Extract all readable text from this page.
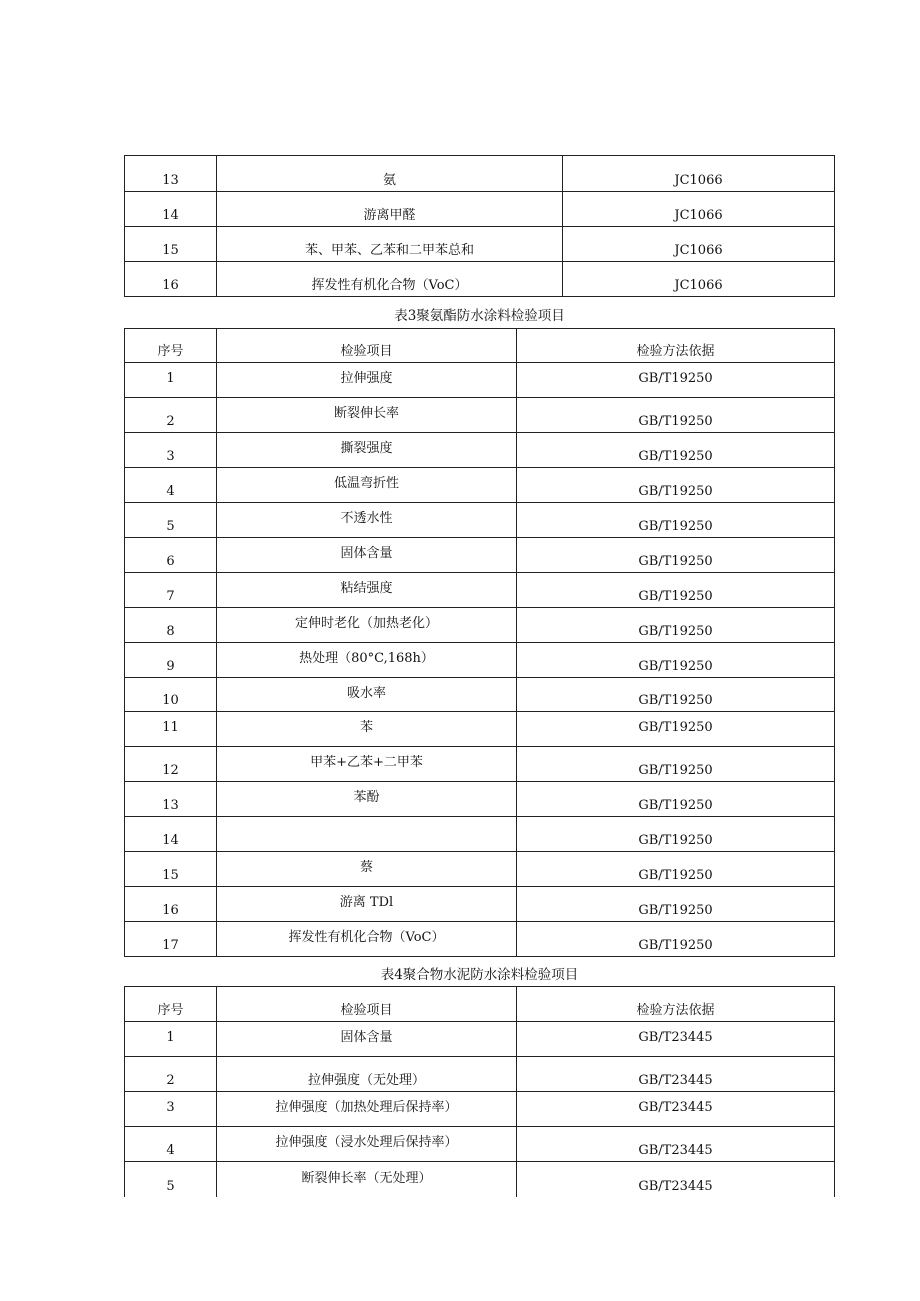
13	氨	JC1066
14	游离甲醛	JC1066
15	苯、甲苯、乙苯和二甲苯总和	JC1066
16	挥发性有机化合物（VoC）	JC1066
表3聚氨酯防水涂料检验项目
序号	检验项目	检验方法依据
1	拉伸强度	GB/T19250
2	断裂伸长率	GB/T19250
3	撕裂强度	GB/T19250
4	低温弯折性	GB/T19250
5	不透水性	GB/T19250
6	固体含量	GB/T19250
7	粘结强度	GB/T19250
8	定伸时老化（加热老化）	GB/T19250
9	热处理（80°C,168h）	GB/T19250
10	吸水率	GB/T19250
11	苯	GB/T19250
12	甲苯+乙苯+二甲苯	GB/T19250
13	苯酚	GB/T19250
14		GB/T19250
15	蔡	GB/T19250
16	游离 TDl	GB/T19250
17	挥发性有机化合物（VoC）	GB/T19250
表4聚合物水泥防水涂料检验项目
序号	检验项目	检验方法依据
1	固体含量	GB/T23445
2	拉伸强度（无处理）	GB/T23445
3	拉伸强度（加热处理后保持率）	GB/T23445
4	拉伸强度（浸水处理后保持率）	GB/T23445
5	断裂伸长率（无处理）	GB/T23445
